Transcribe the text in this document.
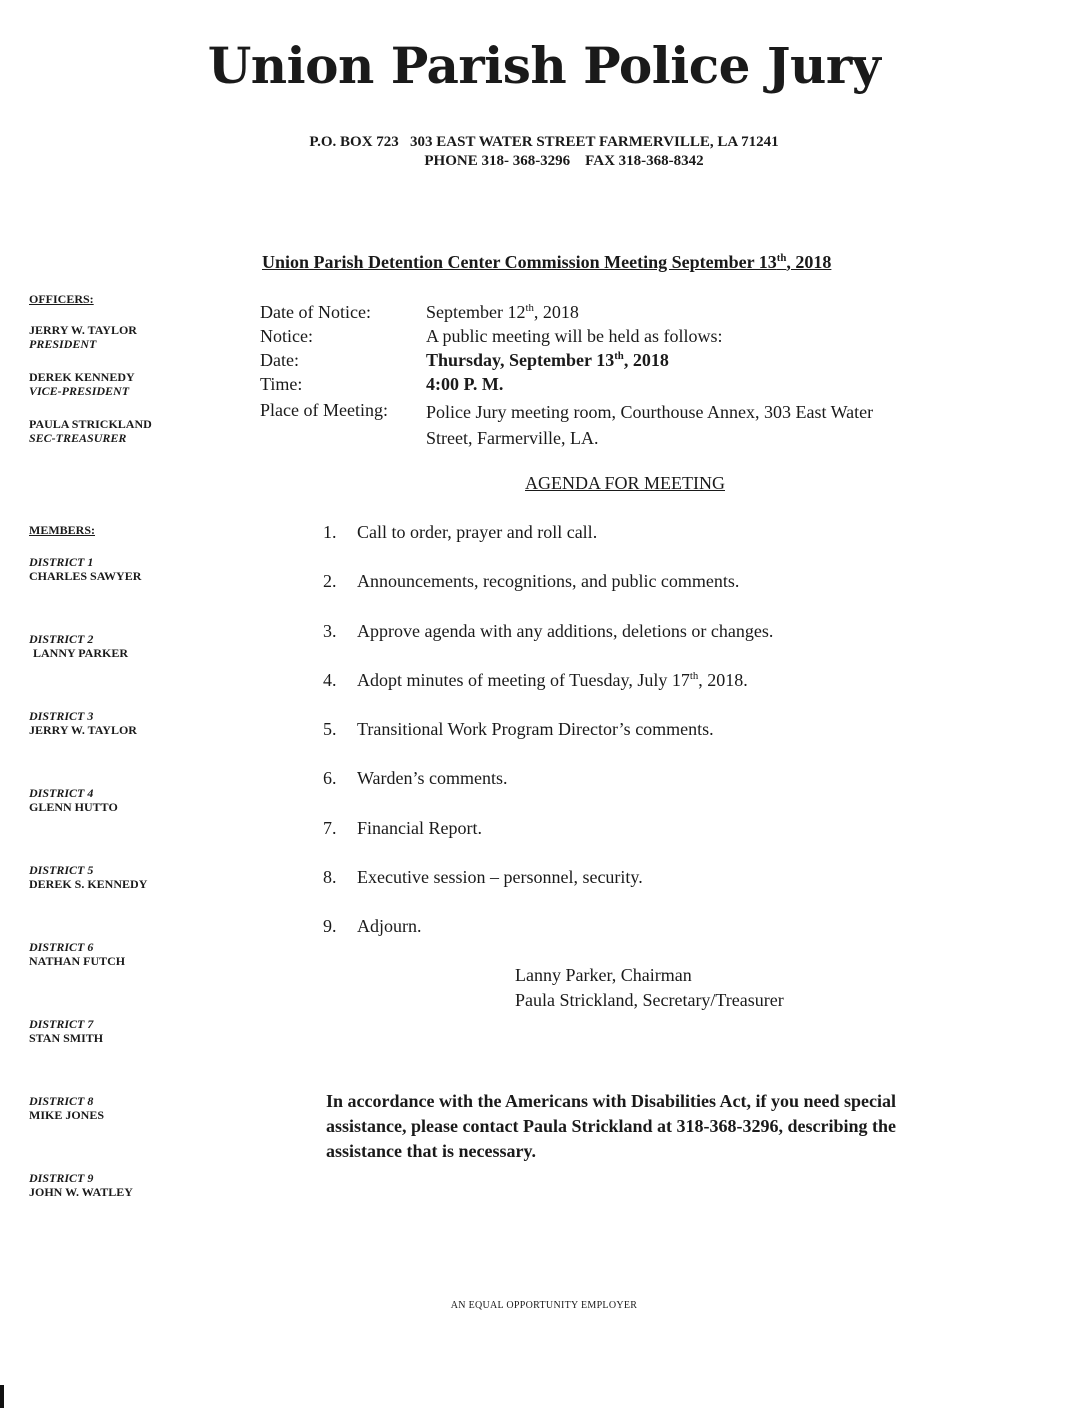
Union Parish Police Jury
P.O. BOX 723   303 EAST WATER STREET FARMERVILLE, LA 71241
PHONE 318- 368-3296    FAX 318-368-8342
Union Parish Detention Center Commission Meeting September 13th, 2018
OFFICERS:
JERRY W. TAYLOR
PRESIDENT
DEREK KENNEDY
VICE-PRESIDENT
PAULA STRICKLAND
SEC-TREASURER
MEMBERS:
DISTRICT 1
CHARLES SAWYER
DISTRICT 2
LANNY PARKER
DISTRICT 3
JERRY W. TAYLOR
DISTRICT 4
GLENN HUTTO
DISTRICT 5
DEREK S. KENNEDY
DISTRICT 6
NATHAN FUTCH
DISTRICT 7
STAN SMITH
DISTRICT 8
MIKE JONES
DISTRICT 9
JOHN W. WATLEY
Date of Notice:	September 12th, 2018
Notice:	A public meeting will be held as follows:
Date:	Thursday, September 13th, 2018
Time:	4:00 P. M.
Place of Meeting: Police Jury meeting room, Courthouse Annex, 303 East Water
Street, Farmerville, LA.
AGENDA FOR MEETING
1. Call to order, prayer and roll call.
2. Announcements, recognitions, and public comments.
3. Approve agenda with any additions, deletions or changes.
4. Adopt minutes of meeting of Tuesday, July 17th, 2018.
5. Transitional Work Program Director’s comments.
6. Warden’s comments.
7. Financial Report.
8. Executive session – personnel, security.
9. Adjourn.
Lanny Parker, Chairman
Paula Strickland, Secretary/Treasurer
In accordance with the Americans with Disabilities Act, if you need special assistance, please contact Paula Strickland at 318-368-3296, describing the assistance that is necessary.
AN EQUAL OPPORTUNITY EMPLOYER
